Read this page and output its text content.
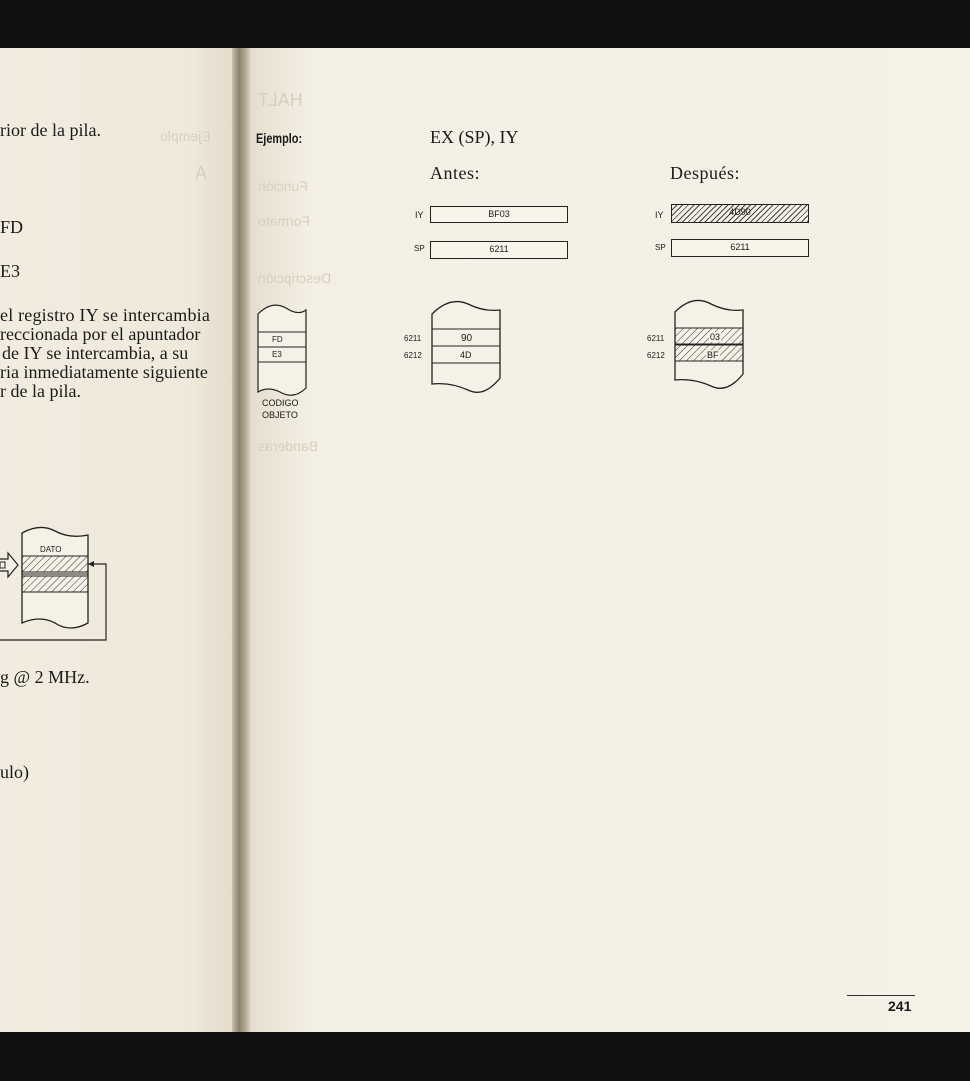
rior de la pila.
FD
E3
el registro IY se intercambia
reccionada por el apuntador
de IY se intercambia, a su
ria inmediatamente siguiente
r de la pila.
DATO
g @ 2 MHz.
ulo)
Ejemplo
A
HALT
Función
Formato
Descripción
Banderas
Ejemplo:	EX (SP), IY
Antes:	Después:
IY	BF03
SP	6211
IY	4D90
SP	6211
FD
E3
CODIGO
OBJETO
6211
6212
90
4D
6211
6212
03
BF
241
